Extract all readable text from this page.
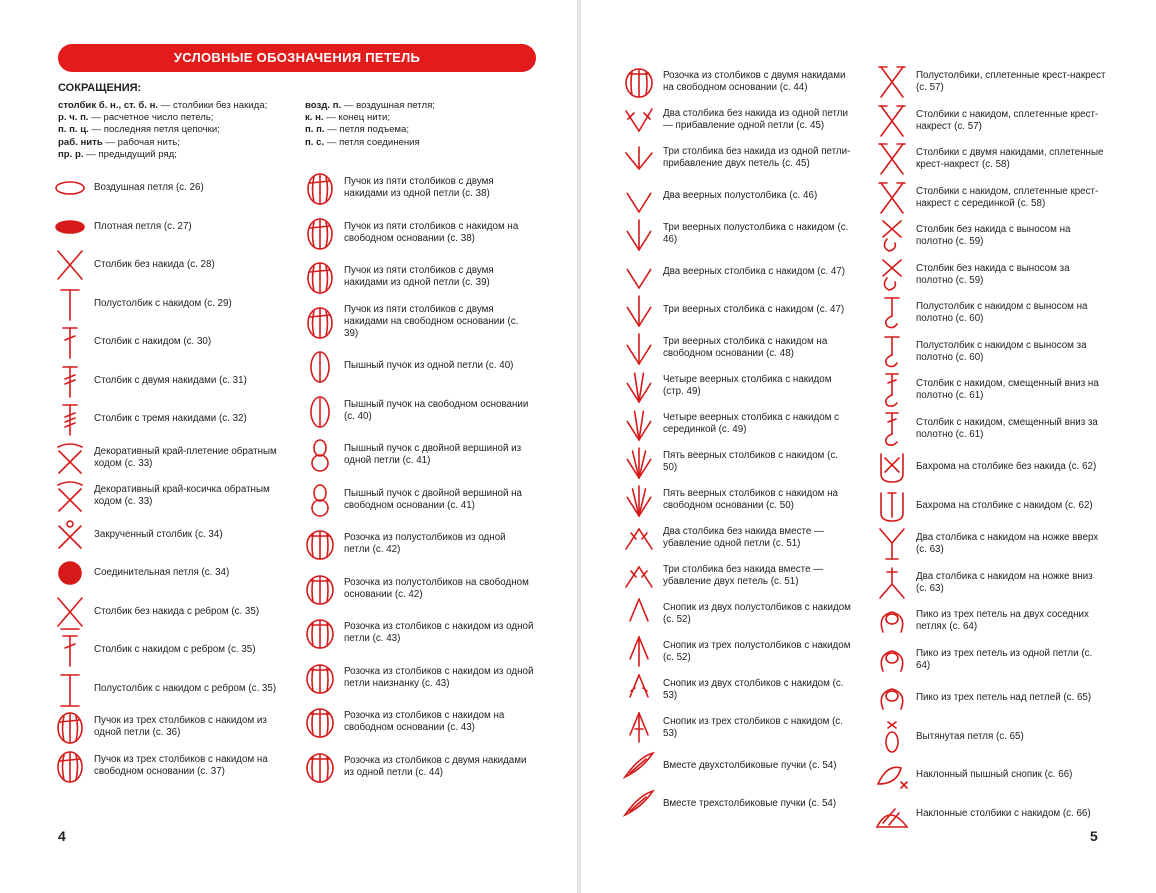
УСЛОВНЫЕ ОБОЗНАЧЕНИЯ ПЕТЕЛЬ
СОКРАЩЕНИЯ:
столбик б. н., ст. б. н. — столбики без накида;
р. ч. п. — расчетное число петель;
п. п. ц. — последняя петля цепочки;
раб. нить — рабочая нить;
пр. р. — предыдущий ряд;
возд. п. — воздушная петля;
к. н. — конец нити;
п. п. — петля подъема;
п. с. — петля соединения
Воздушная петля (с. 26)
Плотная петля (с. 27)
Столбик без накида (с. 28)
Полустолбик с накидом (с. 29)
Столбик с накидом (с. 30)
Столбик с двумя накидами (с. 31)
Столбик с тремя накидами (с. 32)
Декоративный край-плетение обратным ходом (с. 33)
Декоративный край-косичка обратным ходом (с. 33)
Закрученный столбик (с. 34)
Соединительная петля (с. 34)
Столбик без накида с ребром (с. 35)
Столбик с накидом с ребром (с. 35)
Полустолбик с накидом с ребром (с. 35)
Пучок из трех столбиков с накидом из одной петли (с. 36)
Пучок из трех столбиков с накидом на свободном основании (с. 37)
Пучок из пяти столбиков с двумя накидами из одной петли (с. 38)
Пучок из пяти столбиков с накидом на свободном основании (с. 38)
Пучок из пяти столбиков с двумя накидами из одной петли (с. 39)
Пучок из пяти столбиков с двумя накидами на свободном основании (с. 39)
Пышный пучок из одной петли (с. 40)
Пышный пучок на свободном основании (с. 40)
Пышный пучок с двойной вершиной из одной петли (с. 41)
Пышный пучок с двойной вершиной на свободном основании (с. 41)
Розочка из полустолбиков из одной петли (с. 42)
Розочка из полустолбиков на свободном основании (с. 42)
Розочка из столбиков с накидом из одной петли (с. 43)
Розочка из столбиков с накидом из одной петли наизнанку (с. 43)
Розочка из столбиков с накидом на свободном основании (с. 43)
Розочка из столбиков с двумя накидами из одной петли (с. 44)
4
Розочка из столбиков с двумя накидами на свободном основании (с. 44)
Два столбика без накида из одной петли — прибавление одной петли (с. 45)
Три столбика без накида из одной петли-прибавление двух петель (с. 45)
Два веерных полустолбика (с. 46)
Три веерных полустолбика с накидом (с. 46)
Два веерных столбика с накидом (с. 47)
Три веерных столбика с накидом (с. 47)
Три веерных столбика с накидом на свободном основании (с. 48)
Четыре веерных столбика с накидом (стр. 49)
Четыре веерных столбика с накидом с серединкой (с. 49)
Пять веерных столбиков с накидом (с. 50)
Пять веерных столбиков с накидом на свободном основании (с. 50)
Два столбика без накида вместе — убавление одной петли (с. 51)
Три столбика без накида вместе — убавление двух петель (с. 51)
Снопик из двух полустолбиков с накидом (с. 52)
Снопик из трех полустолбиков с накидом (с. 52)
Снопик из двух столбиков с накидом (с. 53)
Снопик из трех столбиков с накидом (с. 53)
Вместе двухстолбиковые пучки (с. 54)
Вместе трехстолбиковые пучки (с. 54)
Полустолбики, сплетенные крест-накрест (с. 57)
Столбики с накидом, сплетенные крест-накрест (с. 57)
Столбики с двумя накидами, сплетенные крест-накрест (с. 58)
Столбики с накидом, сплетенные крест-накрест с серединкой (с. 58)
Столбик без накида с выносом на полотно (с. 59)
Столбик без накида с выносом за полотно (с. 59)
Полустолбик с накидом с выносом на полотно (с. 60)
Полустолбик с накидом с выносом за полотно (с. 60)
Столбик с накидом, смещенный вниз на полотно (с. 61)
Столбик с накидом, смещенный вниз за полотно (с. 61)
Бахрома на столбике без накида (с. 62)
Бахрома на столбике с накидом (с. 62)
Два столбика с накидом на ножке вверх (с. 63)
Два столбика с накидом на ножке вниз (с. 63)
Пико из трех петель на двух соседних петлях (с. 64)
Пико из трех петель из одной петли (с. 64)
Пико из трех петель над петлей (с. 65)
Вытянутая петля (с. 65)
Наклонный пышный снопик (с. 66)
Наклонные столбики с накидом (с. 66)
5
